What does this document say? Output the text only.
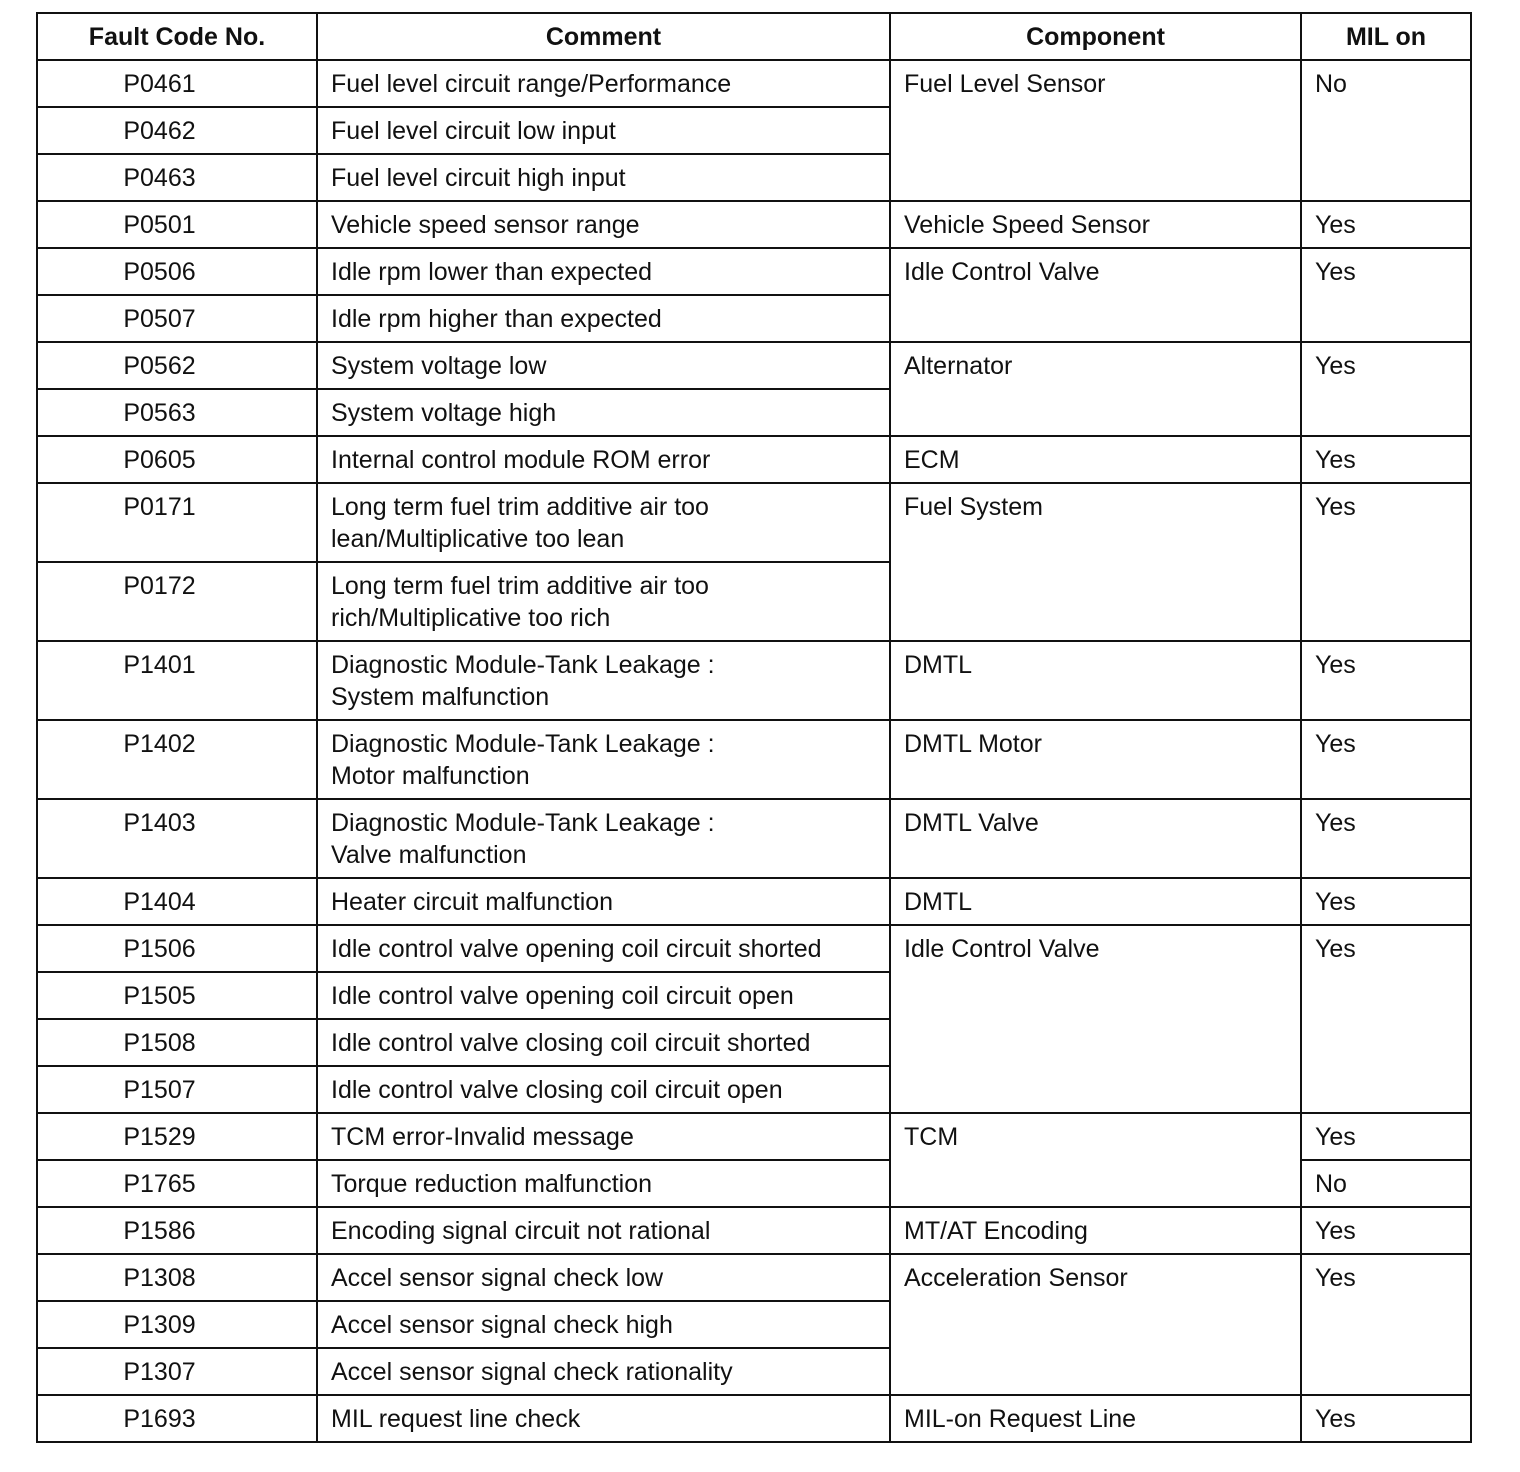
Fault Code No.	Comment	Component	MIL on
P0461	Fuel level circuit range/Performance	Fuel Level Sensor	No
P0462	Fuel level circuit low input		
P0463	Fuel level circuit high input		
P0501	Vehicle speed sensor range	Vehicle Speed Sensor	Yes
P0506	Idle rpm lower than expected	Idle Control Valve	Yes
P0507	Idle rpm higher than expected		
P0562	System voltage low	Alternator	Yes
P0563	System voltage high		
P0605	Internal control module ROM error	ECM	Yes
P0171	Long term fuel trim additive air too
lean/Multiplicative too lean	Fuel System	Yes
P0172	Long term fuel trim additive air too
rich/Multiplicative too rich		
P1401	Diagnostic Module-Tank Leakage :
System malfunction	DMTL	Yes
P1402	Diagnostic Module-Tank Leakage :
Motor malfunction	DMTL Motor	Yes
P1403	Diagnostic Module-Tank Leakage :
Valve malfunction	DMTL Valve	Yes
P1404	Heater circuit malfunction	DMTL	Yes
P1506	Idle control valve opening coil circuit shorted	Idle Control Valve	Yes
P1505	Idle control valve opening coil circuit open		
P1508	Idle control valve closing coil circuit shorted		
P1507	Idle control valve closing coil circuit open		
P1529	TCM error-Invalid message	TCM	Yes
P1765	Torque reduction malfunction		No
P1586	Encoding signal circuit not rational	MT/AT Encoding	Yes
P1308	Accel sensor signal check low	Acceleration Sensor	Yes
P1309	Accel sensor signal check high		
P1307	Accel sensor signal check rationality		
P1693	MIL request line check	MIL-on Request Line	Yes
